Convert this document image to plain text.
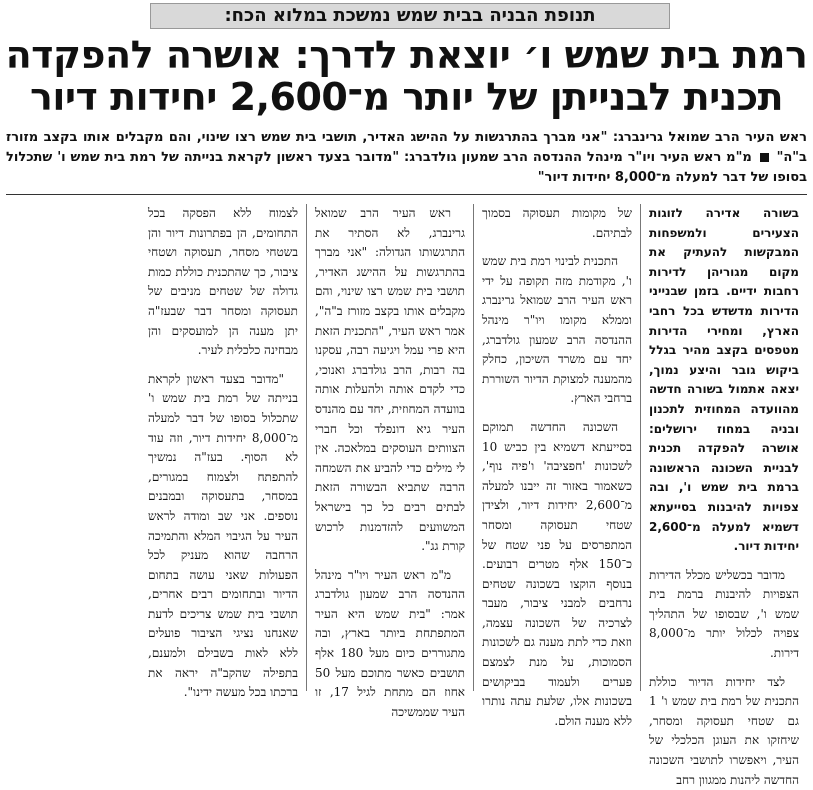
תנופת הבניה בבית שמש נמשכת במלוא הכח:
רמת בית שמש ו׳ יוצאת לדרך: אושרה להפקדה
תכנית לבנייתן של יותר מ־2,600 יחידות דיור
ראש העיר הרב שמואל גרינברג: "אני מברך בהתרגשות על ההישג האדיר, תושבי בית שמש רצו שינוי, והם מקבלים אותו בקצב מזורז ב"ה"  מ"מ ראש העיר ויו"ר מינהל ההנדסה הרב שמעון גולדברג: "מדובר בצעד ראשון לקראת בנייתה של רמת בית שמש ו' שתכלול בסופו של דבר למעלה מ־8,000 יחידות דיור"

בשורה אדירה לזוגות הצעירים ולמשפחות המבקשות להעתיק את מקום מגוריהן לדירות רחבות ידיים. בזמן שבנייני הדירות מדשדש בכל רחבי הארץ, ומחירי הדירות מטפסים בקצב מהיר בגלל ביקוש גובר והיצע נמוך, יצאה אתמול בשורה חדשה מהוועדה המחוזית לתכנון ובניה במחוז ירושלים: אושרה להפקדה תכנית לבניית השכונה הראשונה ברמת בית שמש ו', ובה צפויות להיבנות בסייעתא דשמיא למעלה מ־2,600 יחידות דיור.

מדובר בכשליש מכלל הדירות הצפויות להיבנות ברמת בית שמש ו', שבסופו של התהליך צפויה לכלול יותר מ־8,000 דירות.

לצד יחידות הדיור כוללת התכנית של רמת בית שמש ו' 1 גם שטחי תעסוקה ומסחר, שיחזקו את העוגן הכלכלי של העיר, ויאפשרו לתושבי השכונה החדשה ליהנות ממגוון רחב

של מקומות תעסוקה בסמוך לבתיהם.

התכנית לבינוי רמת בית שמש ו', מקודמת מזה תקופה על ידי ראש העיר הרב שמואל גרינברג וממלא מקומו ויו"ר מינהל ההנדסה הרב שמעון גולדברג, יחד עם משרד השיכון, כחלק מהמענה למצוקת הדיור השוררת ברחבי הארץ.

השכונה החדשה תמוקם בסייעתא דשמיא בין כביש 10 לשכונות 'חפציבה' ו'פיה נוף', כשאמור באזור זה ייבנו למעלה מ־2,600 יחידות דיור, ולצידן שטחי תעסוקה ומסחר המתפרסים על פני שטח של כ־150 אלף מטרים רבועים. בנוסף הוקצו בשכונה שטחים נרחבים למבני ציבור, מעבר לצרכיה של השכונה עצמה, וזאת כדי לתת מענה גם לשכונות הסמוכות, על מנת לצמצם פערים ולעמוד בביקושים בשכונות אלו, שלעת עתה נותרו ללא מענה הולם.

ראש העיר הרב שמואל גרינברג, לא הסתיר את התרגשותו הגדולה: "אני מברך בהתרגשות על ההישג האדיר, תושבי בית שמש רצו שינוי, והם מקבלים אותו בקצב מזורז ב"ה", אמר ראש העיר, "התכנית הזאת היא פרי עמל ויגיעה רבה, עסקנו בה רבות, הרב גולדברג ואנוכי, כדי לקדם אותה ולהעלות אותה בוועדה המחוזית, יחד עם מהנדס העיר גיא דונפלד וכל חברי הצוותים העוסקים במלאכה. אין לי מילים כדי להביע את השמחה הרבה שתביא הבשורה הזאת לבתים רבים כל כך בישראל המשוועים להזדמנות לרכוש קורת גג".

מ"מ ראש העיר ויו"ר מינהל ההנדסה הרב שמעון גולדברג אמר: "בית שמש היא העיר המתפתחת ביותר בארץ, ובה מתגוררים כיום מעל 180 אלף תושבים כאשר מתוכם מעל 50 אחוז הם מתחת לגיל 17, זו העיר שממשיכה

לצמוח ללא הפסקה בכל התחומים, הן בפתרונות דיור והן בשטחי מסחר, תעסוקה ושטחי ציבור, כך שהתכנית כוללת כמות גדולה של שטחים מניבים של תעסוקה ומסחר דבר שבעז"ה יתן מענה הן למועסקים והן מבחינה כלכלית לעיר.

"מדובר בצעד ראשון לקראת בנייתה של רמת בית שמש ו' שתכלול בסופו של דבר למעלה מ־8,000 יחידות דיור, וזה עוד לא הסוף. בעז"ה נמשיך להתפתח ולצמוח במגורים, במסחר, בתעסוקה ובמבנים נוספים. אני שב ומודה לראש העיר על הגיבוי המלא והתמיכה הרחבה שהוא מעניק לכל הפעולות שאני עושה בתחום הדיור ובתחומים רבים אחרים, תושבי בית שמש צריכים לדעת שאנחנו נציגי הציבור פועלים ללא לאות בשבילם ולמענם, בתפילה שהקב"ה יראה את ברכתו בכל מעשה ידינו".
